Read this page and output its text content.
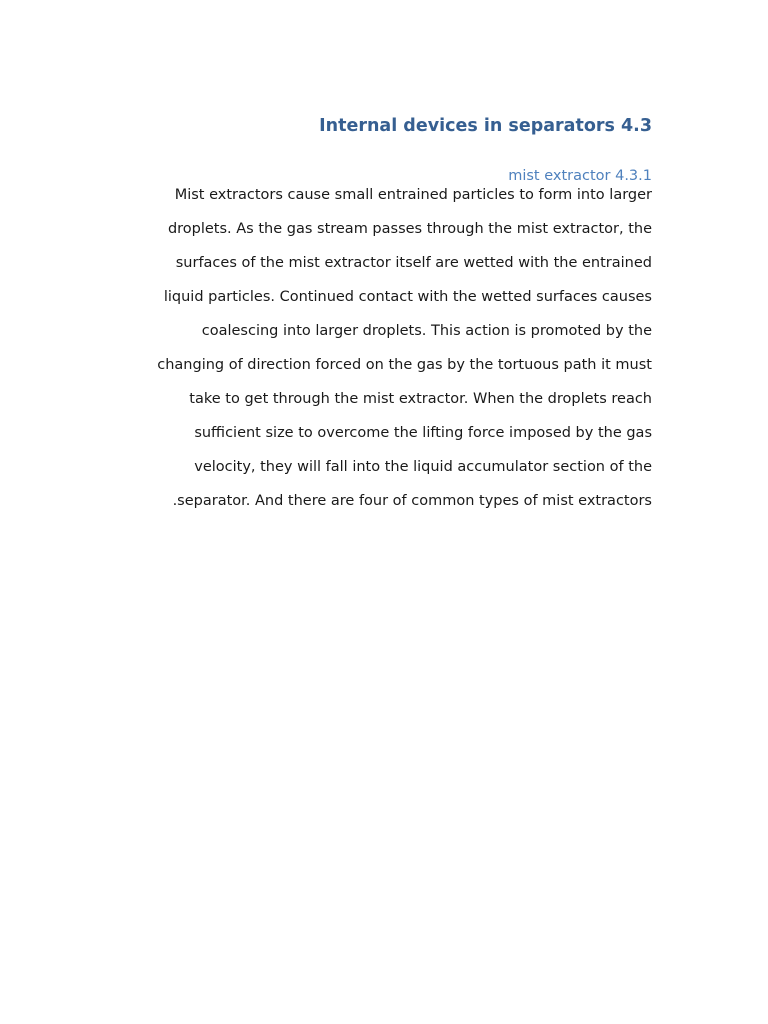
Internal devices in separators 4.3
mist extractor 4.3.1
Mist extractors cause small entrained particles to form into larger
droplets. As the gas stream passes through the mist extractor, the
surfaces of the mist extractor itself are wetted with the entrained
liquid particles. Continued contact with the wetted surfaces causes
coalescing into larger droplets. This action is promoted by the
changing of direction forced on the gas by the tortuous path it must
take to get through the mist extractor. When the droplets reach
sufficient size to overcome the lifting force imposed by the gas
velocity, they will fall into the liquid accumulator section of the
.separator. And there are four of common types of mist extractors
